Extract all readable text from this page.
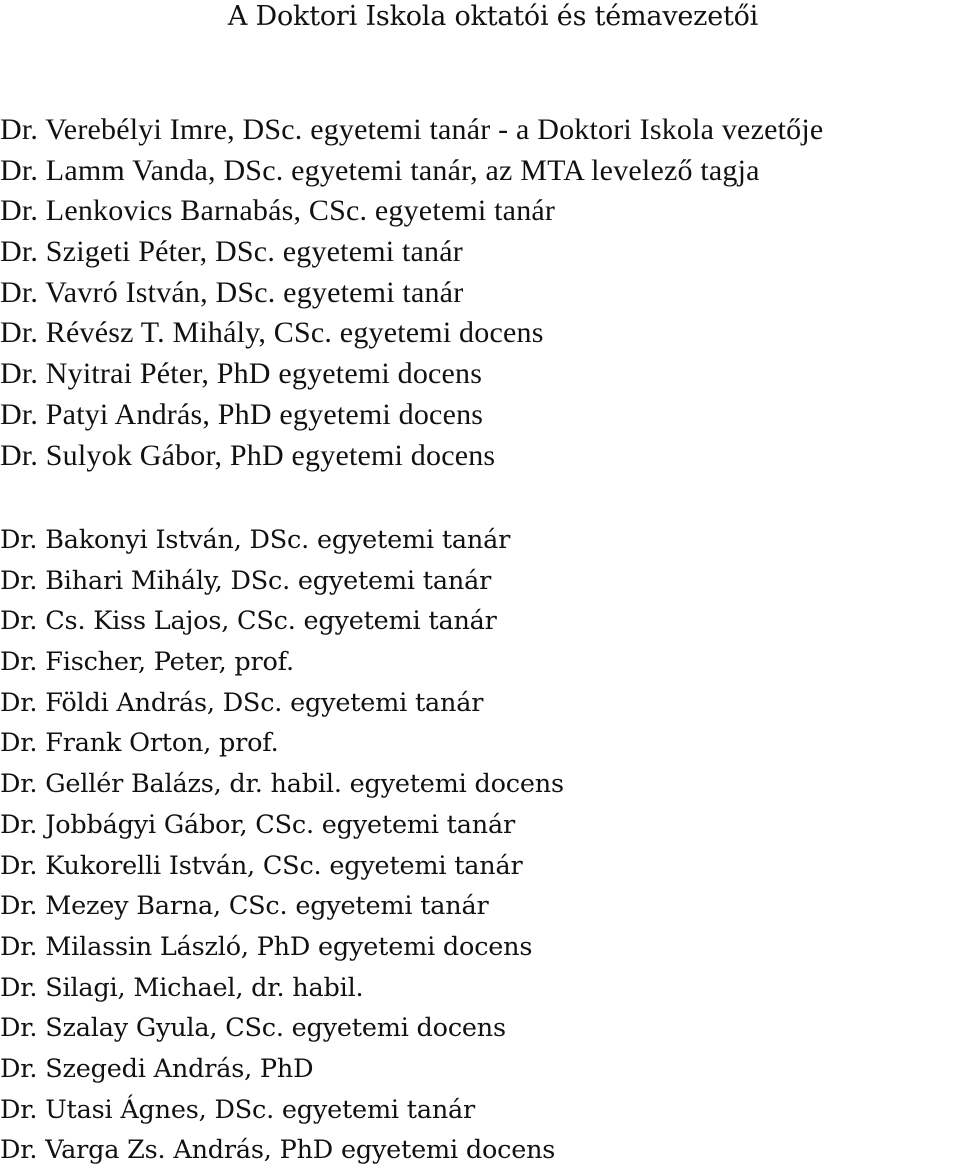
A Doktori Iskola oktatói és témavezetői
Dr. Verebélyi Imre, DSc. egyetemi tanár - a Doktori Iskola vezetője
Dr. Lamm Vanda, DSc. egyetemi tanár, az MTA levelező tagja
Dr. Lenkovics Barnabás, CSc. egyetemi tanár
Dr. Szigeti Péter, DSc. egyetemi tanár
Dr. Vavró István, DSc. egyetemi tanár
Dr. Révész T. Mihály, CSc. egyetemi docens
Dr. Nyitrai Péter, PhD egyetemi docens
Dr. Patyi András, PhD egyetemi docens
Dr. Sulyok Gábor, PhD egyetemi docens
Dr. Bakonyi István, DSc. egyetemi tanár
Dr. Bihari Mihály, DSc. egyetemi tanár
Dr. Cs. Kiss Lajos, CSc. egyetemi tanár
Dr. Fischer, Peter, prof.
Dr. Földi András, DSc. egyetemi tanár
Dr. Frank Orton, prof.
Dr. Gellér Balázs, dr. habil. egyetemi docens
Dr. Jobbágyi Gábor, CSc. egyetemi tanár
Dr. Kukorelli István, CSc. egyetemi tanár
Dr. Mezey Barna, CSc. egyetemi tanár
Dr. Milassin László, PhD egyetemi docens
Dr. Silagi, Michael, dr. habil.
Dr. Szalay Gyula, CSc. egyetemi docens
Dr. Szegedi András, PhD
Dr. Utasi Ágnes, DSc. egyetemi tanár
Dr. Varga Zs. András, PhD egyetemi docens
